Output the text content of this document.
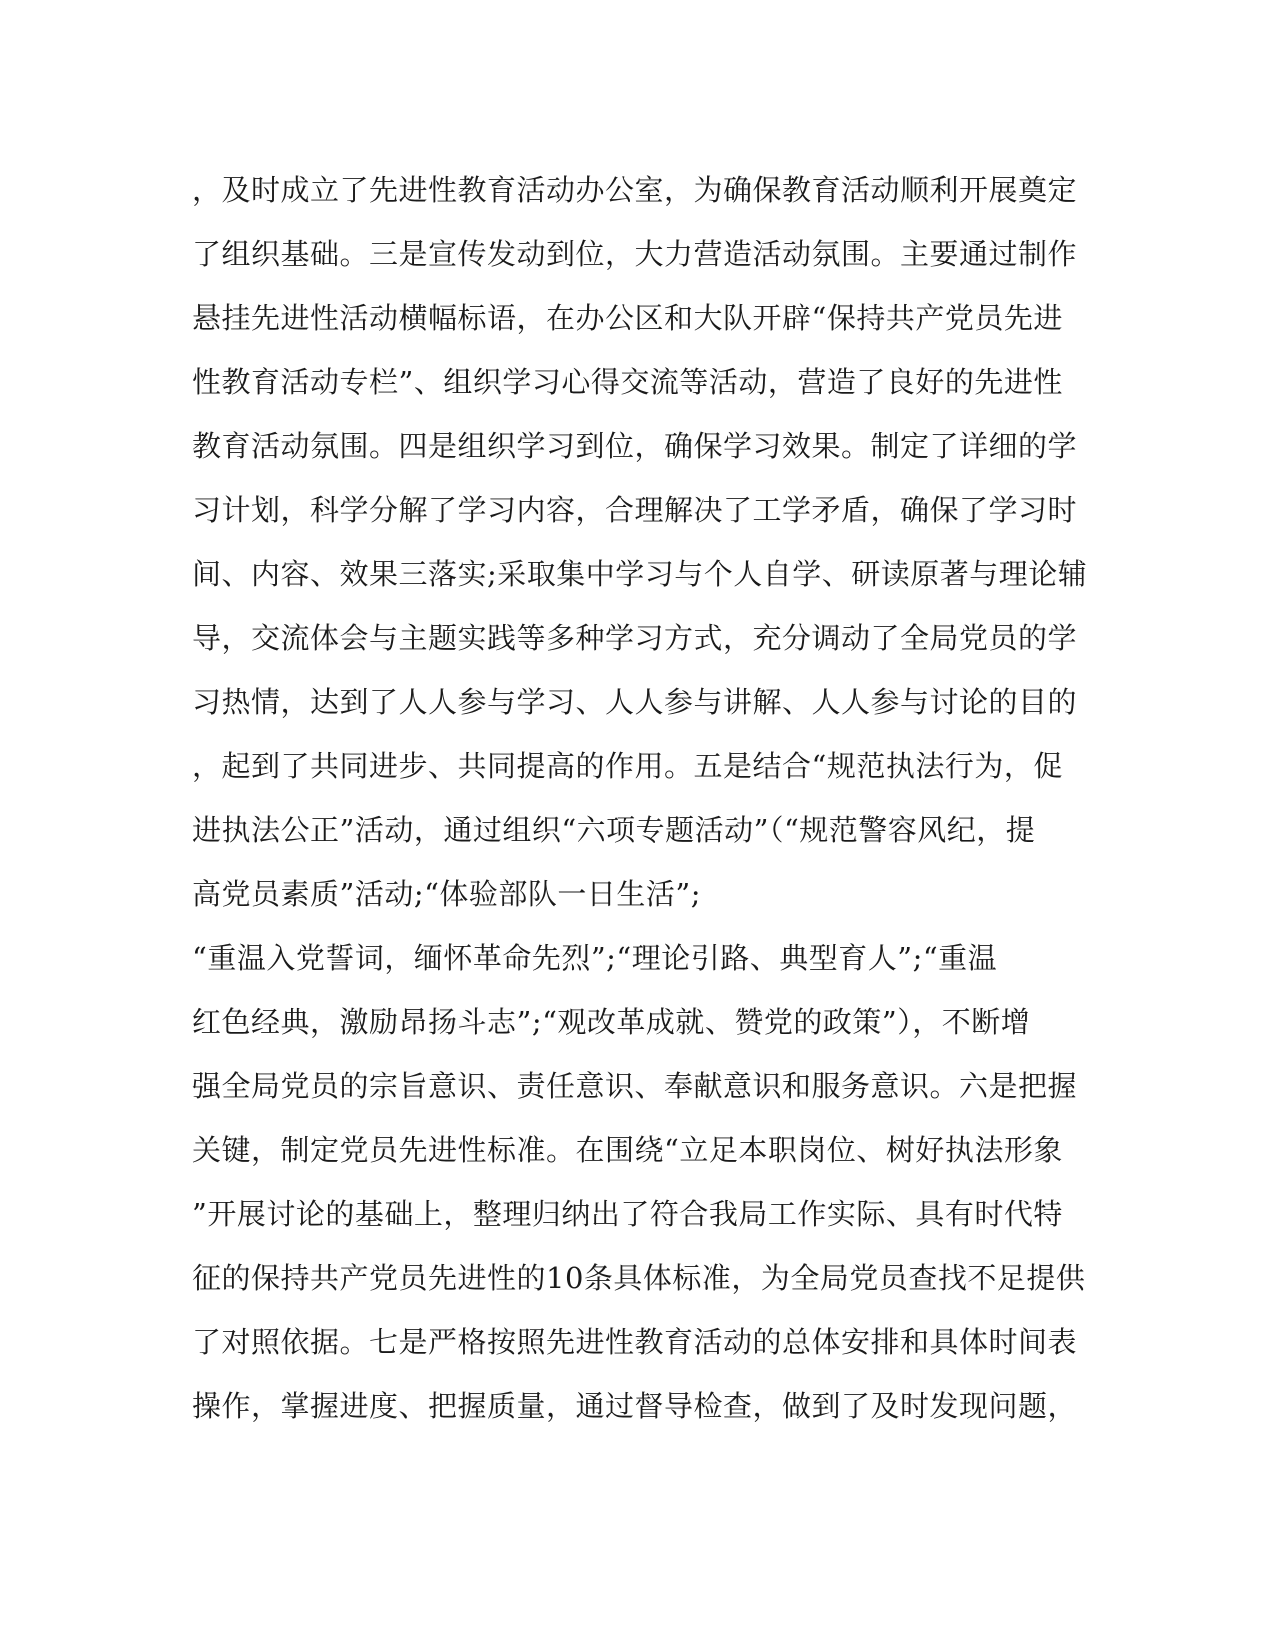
，及时成立了先进性教育活动办公室，为确保教育活动顺利开展奠定
了组织基础。三是宣传发动到位，大力营造活动氛围。主要通过制作
悬挂先进性活动横幅标语，在办公区和大队开辟“保持共产党员先进
性教育活动专栏”、组织学习心得交流等活动，营造了良好的先进性
教育活动氛围。四是组织学习到位，确保学习效果。制定了详细的学
习计划，科学分解了学习内容，合理解决了工学矛盾，确保了学习时
间、内容、效果三落实;采取集中学习与个人自学、研读原著与理论辅
导，交流体会与主题实践等多种学习方式，充分调动了全局党员的学
习热情，达到了人人参与学习、人人参与讲解、人人参与讨论的目的
，起到了共同进步、共同提高的作用。五是结合“规范执法行为，促
进执法公正”活动，通过组织“六项专题活动”（“规范警容风纪，提
高党员素质”活动;“体验部队一日生活”;
“重温入党誓词，缅怀革命先烈”;“理论引路、典型育人”;“重温
红色经典，激励昂扬斗志”;“观改革成就、赞党的政策”），不断增
强全局党员的宗旨意识、责任意识、奉献意识和服务意识。六是把握
关键，制定党员先进性标准。在围绕“立足本职岗位、树好执法形象
”开展讨论的基础上，整理归纳出了符合我局工作实际、具有时代特
征的保持共产党员先进性的10条具体标准，为全局党员查找不足提供
了对照依据。七是严格按照先进性教育活动的总体安排和具体时间表
操作，掌握进度、把握质量，通过督导检查，做到了及时发现问题，
